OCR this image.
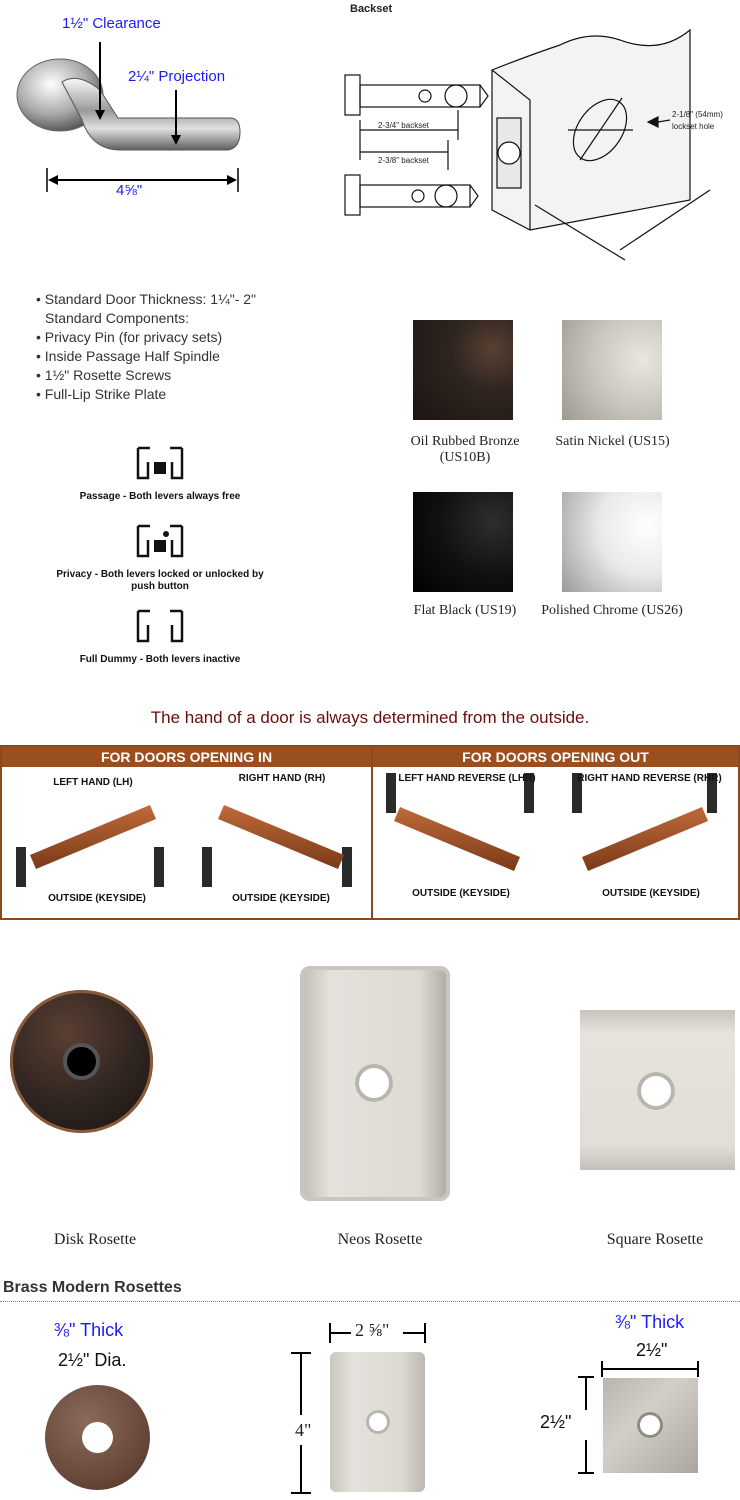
1½" Clearance
2¼" Projection
4⅝"
Backset
2-3/4" backset
2-3/8" backset
2-1/8" (54mm)
lockset hole
• Standard Door Thickness: 1¼"- 2"
Standard Components:
• Privacy Pin (for privacy sets)
• Inside Passage Half Spindle
• 1½" Rosette Screws
• Full-Lip Strike Plate
Passage - Both levers always free
Privacy - Both levers locked or unlocked by push button
Full Dummy - Both levers inactive
Oil Rubbed Bronze (US10B)
Satin Nickel (US15)
Flat Black (US19)	Polished Chrome (US26)
The hand of a door is always determined from the outside.
FOR DOORS OPENING IN	FOR DOORS OPENING OUT
LEFT HAND (LH)	RIGHT HAND (RH)	LEFT HAND REVERSE (LHR)	RIGHT HAND REVERSE (RHR)
OUTSIDE (KEYSIDE)	OUTSIDE (KEYSIDE)	OUTSIDE (KEYSIDE)	OUTSIDE (KEYSIDE)
Disk Rosette	Neos Rosette	Square Rosette
Brass Modern Rosettes
⅜" Thick
2½" Dia.
2 ⅝"
4"
⅜" Thick
2½"
2½"
